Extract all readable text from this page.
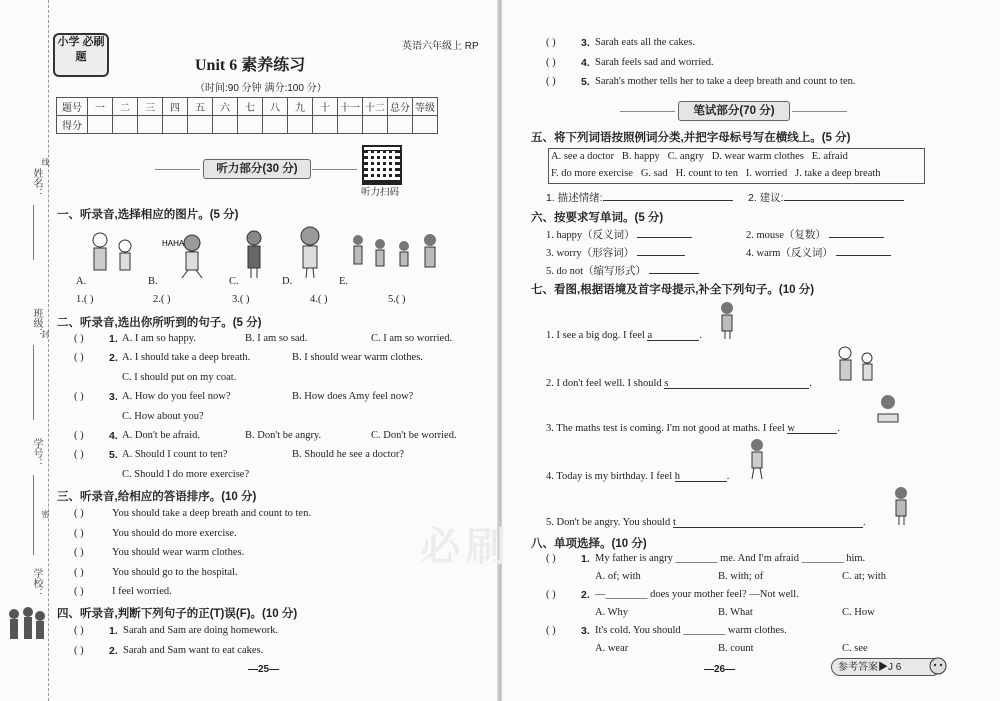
姓名：
班级：
学号：
学校：
线
封
密
小学 必刷题
英语六年级上 RP
Unit 6 素养练习
（时间:90 分钟 满分:100 分）
题号	一	二	三	四	五	六	七	八	九	十	十一	十二	总分	等级
得分														
听力部分(30 分)
听力扫码
一、听录音,选择相应的图片。(5 分)
HAHA
A.	B.	C.	D.	E.
1.( )	2.( )	3.( )	4.( )	5.( )
二、听录音,选出你所听到的句子。(5 分)
( ) 1. A. I am so happy.	B. I am so sad.	C. I am so worried.
( ) 2. A. I should take a deep breath.	B. I should wear warm clothes.
C. I should put on my coat.
( ) 3. A. How do you feel now?	B. How does Amy feel now?
C. How about you?
( ) 4. A. Don't be afraid.	B. Don't be angry.	C. Don't be worried.
( ) 5. A. Should I count to ten?	B. Should he see a doctor?
C. Should I do more exercise?
三、听录音,给相应的答语排序。(10 分)
( )	You should take a deep breath and count to ten.
( )	You should do more exercise.
( )	You should wear warm clothes.
( )	You should go to the hospital.
( )	I feel worried.
四、听录音,判断下列句子的正(T)误(F)。(10 分)
( ) 1. Sarah and Sam are doing homework.
( ) 2. Sarah and Sam want to eat cakes.
—25—
( ) 3. Sarah eats all the cakes.
( ) 4. Sarah feels sad and worried.
( ) 5. Sarah's mother tells her to take a deep breath and count to ten.
笔试部分(70 分)
五、将下列词语按照例词分类,并把字母标号写在横线上。(5 分)
A. see a doctor B. happy C. angry D. wear warm clothes E. afraid
F. do more exercise G. sad H. count to ten I. worried J. take a deep breath
1. 描述情绪:	2. 建议:
六、按要求写单词。(5 分)
1. happy（反义词）	2. mouse（复数）
3. worry（形容词）	4. warm（反义词）
5. do not（缩写形式）
七、看图,根据语境及首字母提示,补全下列句子。(10 分)
1. I see a big dog. I feel a	.
2. I don't feel well. I should s	.
3. The maths test is coming. I'm not good at maths. I feel w	.
4. Today is my birthday. I feel h	.
5. Don't be angry. You should t	.
必刷 八、单项选择。(10 分)
( ) 1. My father is angry ________ me. And I'm afraid ________ him.
A. of; with	B. with; of	C. at; with
( ) 2. —________ does your mother feel? —Not well.
A. Why	B. What	C. How
( ) 3. It's cold. You should ________ warm clothes.
A. wear	B. count	C. see
—26—	参考答案▶J 6
